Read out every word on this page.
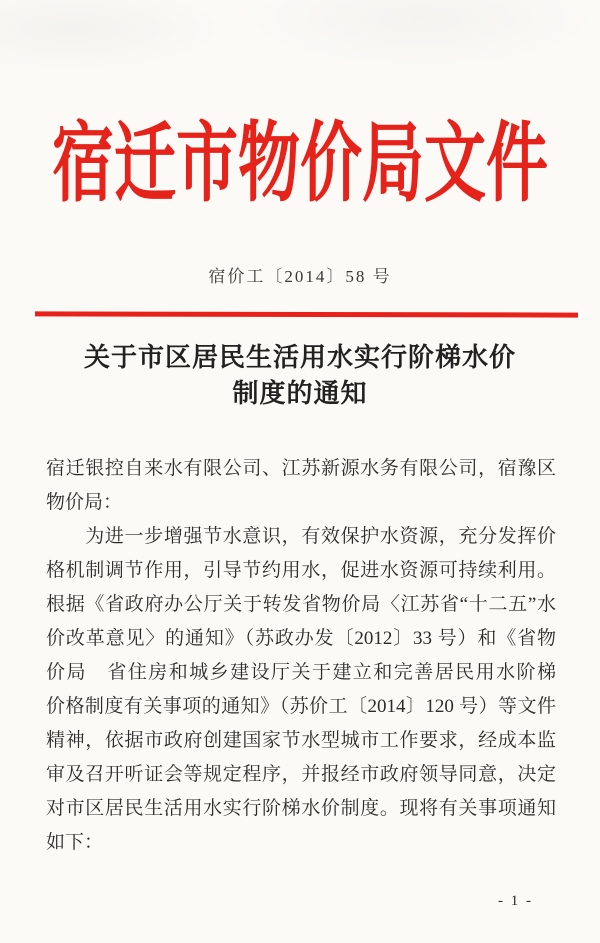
宿迁市物价局文件
宿价工〔2014〕58 号
关于市区居民生活用水实行阶梯水价
制度的通知
宿迁银控自来水有限公司、江苏新源水务有限公司，宿豫区
物价局：
　　为进一步增强节水意识，有效保护水资源，充分发挥价
格机制调节作用，引导节约用水，促进水资源可持续利用。
根据《省政府办公厅关于转发省物价局〈江苏省“十二五”水
价改革意见〉的通知》（苏政办发〔2012〕33 号）和《省物
价局　省住房和城乡建设厅关于建立和完善居民用水阶梯
价格制度有关事项的通知》（苏价工〔2014〕120 号）等文件
精神，依据市政府创建国家节水型城市工作要求，经成本监
审及召开听证会等规定程序，并报经市政府领导同意，决定
对市区居民生活用水实行阶梯水价制度。现将有关事项通知
如下：
- 1 -
